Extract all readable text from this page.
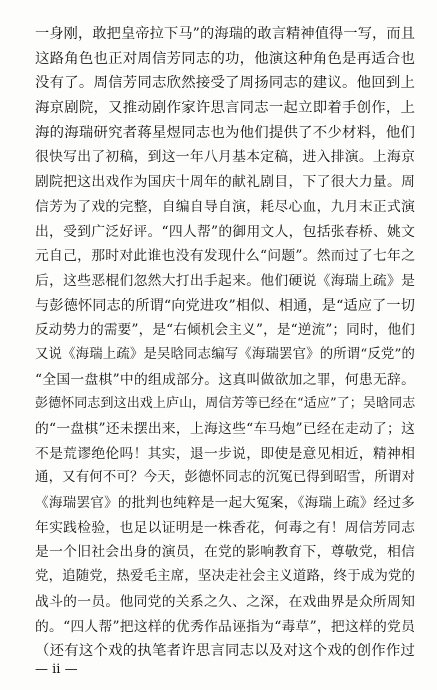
一身刚，敢把皇帝拉下马”的海瑞的敢言精神值得一写，而且
这路角色也正对周信芳同志的功，他演这种角色是再适合也
没有了。周信芳同志欣然接受了周扬同志的建议。他回到上
海京剧院，又推动剧作家许思言同志一起立即着手创作，上
海的海瑞研究者蒋星煜同志也为他们提供了不少材料，他们
很快写出了初稿，到这一年八月基本定稿，进入排演。上海京
剧院把这出戏作为国庆十周年的献礼剧目，下了很大力量。周
信芳为了戏的完整，自编自导自演，耗尽心血，九月末正式演
出，受到广泛好评。“四人帮”的御用文人，包括张春桥、姚文
元自己，那时对此谁也没有发现什么“问题”。然而过了七年之
后，这些恶棍们忽然大打出手起来。他们硬说《海瑞上疏》是
与彭德怀同志的所谓“向党进攻”相似、相通，是“适应了一切
反动势力的需要”，是“右倾机会主义”，是“逆流”；同时，他们
又说《海瑞上疏》是吴晗同志编写《海瑞罢官》的所谓“反党”的
“全国一盘棋”中的组成部分。这真叫做欲加之罪，何患无辞。
彭德怀同志到这出戏上庐山，周信芳等已经在“适应”了；吴晗同志
的“一盘棋”还未摆出来，上海这些“车马炮”已经在走动了；这
不是荒谬绝伦吗！其实，退一步说，即使是意见相近，精神相
通，又有何不可？今天，彭德怀同志的沉冤已得到昭雪，所谓对
《海瑞罢官》的批判也纯粹是一起大冤案，《海瑞上疏》经过多
年实践检验，也足以证明是一株香花，何毒之有！周信芳同志
是一个旧社会出身的演员，在党的影响教育下，尊敬党，相信
党，追随党，热爱毛主席，坚决走社会主义道路，终于成为党的
战斗的一员。他同党的关系之久、之深，在戏曲界是众所周知
的。“四人帮”把这样的优秀作品诬指为“毒草”，把这样的党员
（还有这个戏的执笔者许思言同志以及对这个戏的创作作过
— ii —
